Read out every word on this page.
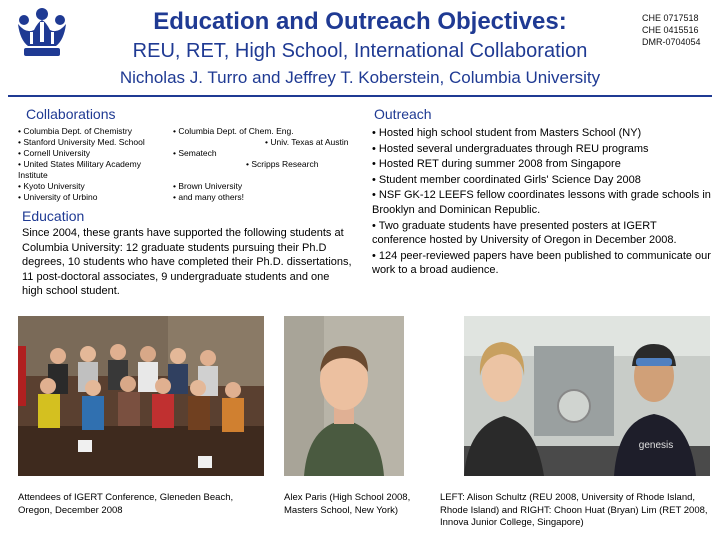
Education and Outreach Objectives:
REU, RET, High School, International Collaboration
Nicholas J. Turro and Jeffrey T. Koberstein, Columbia University
CHE 0717518
CHE 0415516
DMR-0704054
Collaborations
• Columbia Dept. of Chemistry	• Columbia Dept. of Chem. Eng.
• Stanford University Med. School	• Univ. Texas at Austin
• Cornell University	• Sematech
• United States Military Academy	• Scripps Research
Institute
• Kyoto University	• Brown University
• University of Urbino	• and many others!
Education
Since 2004, these grants have supported the following students at Columbia University: 12 graduate students pursuing their Ph.D degrees, 10 students who have completed their Ph.D. dissertations, 11 post-doctoral associates, 9 undergraduate students and one high school student.
Outreach
• Hosted high school student from Masters School (NY)
• Hosted several undergraduates through REU programs
• Hosted RET during summer 2008 from Singapore
• Student member coordinated Girls' Science Day 2008
• NSF GK-12 LEEFS fellow coordinates lessons with grade schools in Brooklyn and Dominican Republic.
• Two graduate students have presented posters at IGERT conference hosted by University of Oregon in December 2008.
• 124 peer-reviewed papers have been published to communicate our work to a broad audience.
Attendees of IGERT Conference, Gleneden Beach, Oregon, December 2008
Alex Paris (High School 2008, Masters School, New York)
genesis
LEFT: Alison Schultz (REU 2008, University of Rhode Island, Rhode Island) and RIGHT: Choon Huat (Bryan) Lim (RET 2008, Innova Junior College, Singapore)
